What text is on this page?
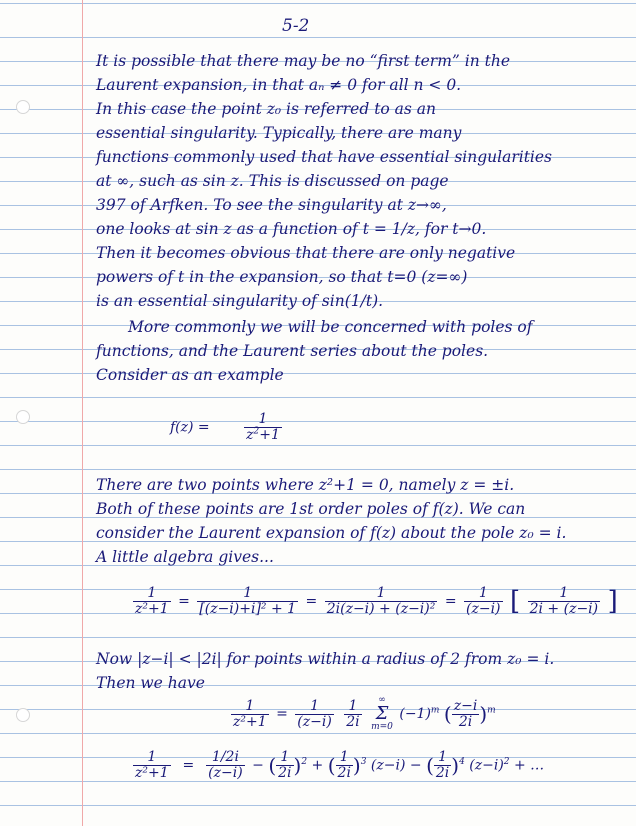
5-2
It is possible that there may be no “first term” in the
Laurent expansion, in that aₙ ≠ 0 for all n < 0.
In this case the point z₀ is referred to as an
essential singularity. Typically, there are many
functions commonly used that have essential singularities
at ∞, such as sin z. This is discussed on page
397 of Arfken. To see the singularity at z→∞,
one looks at sin z as a function of t = 1/z, for t→0.
Then it becomes obvious that there are only negative
powers of t in the expansion, so that t=0 (z=∞)
is an essential singularity of sin(1/t).
More commonly we will be concerned with poles of
functions, and the Laurent series about the poles.
Consider as an example
$f(z) = \frac{1}{z^2+1}$
There are two points where z²+1 = 0, namely z = ±i.
Both of these points are 1st order poles of f(z). We can
consider the Laurent expansion of f(z) about the pole z₀ = i.
A little algebra gives...
$\frac{1}{\text{z²+1}} = \frac{1}{\text{[(z−i)+i]² + 1}} = \frac{1}{\text{2i(z−i) + (z−i)²}} = \frac{1}{(z-i)}$ [ $\frac{1}{2i + (z-i)}$ ]
Now |z−i| < |2i| for points within a radius of 2 from z₀ = i.
Then we have
$\frac{1}{\text{z²+1}} = \frac{1}{(z-i)}$
$\frac{1}{2i}$ ∞
Σ
m=0 $(-1)^m$ ( $\frac{z-i}{2i} )^m$
$\frac{1}{\text{z²+1}} = \frac{1/2i}{(z-i)}$ − ( $\frac{1}{2i} )^2$ + ( $\frac{1}{2i} )^3$ (z−i) − ( $\frac{1}{2i} )^4$ $(z-i)^2$ + …
